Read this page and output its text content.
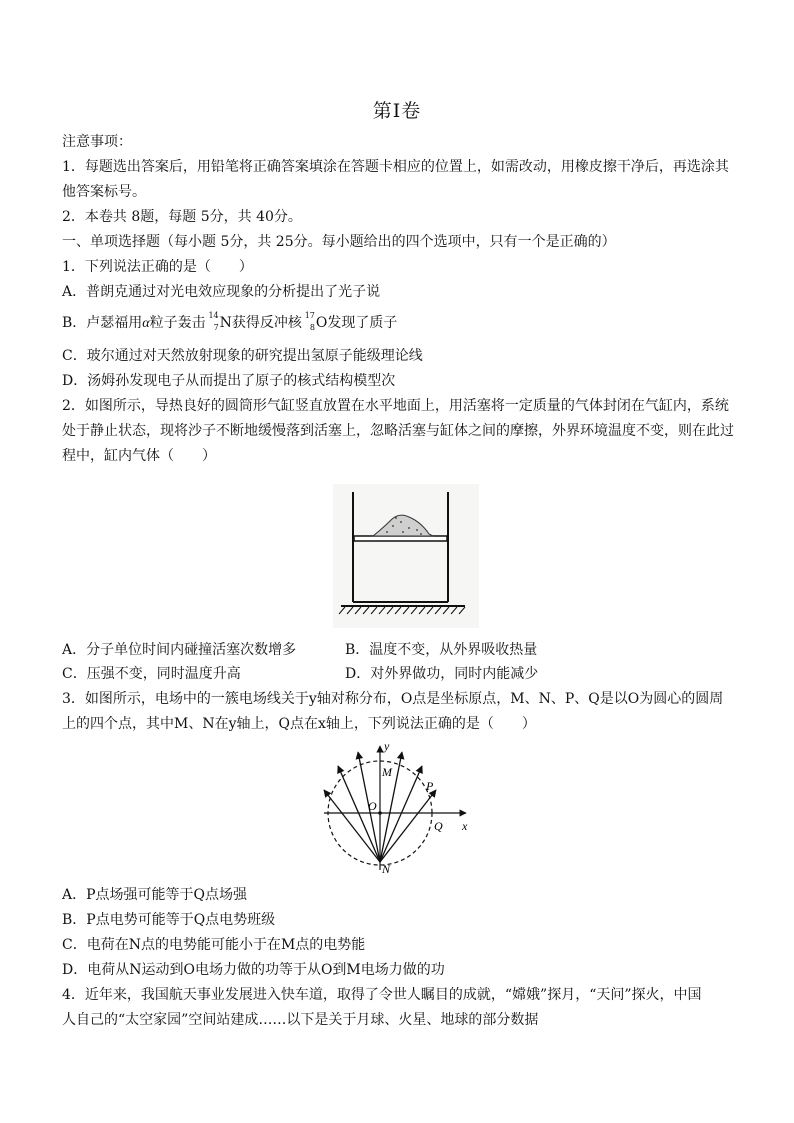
第Ⅰ卷
注意事项：
1．每题选出答案后，用铅笔将正确答案填涂在答题卡相应的位置上，如需改动，用橡皮擦干净后，再选涂其
他答案标号。
2．本卷共 8题，每题 5分，共 40分。
一、单项选择题（每小题 5分，共 25分。每小题给出的四个选项中，只有一个是正确的）
1．下列说法正确的是（　　）
A．普朗克通过对光电效应现象的分析提出了光子说
B．卢瑟福用α粒子轰击 14
7 N获得反冲核 17
8 O发现了质子
C．玻尔通过对天然放射现象的研究提出氢原子能级理论线
D．汤姆孙发现电子从而提出了原子的核式结构模型次
2．如图所示，导热良好的圆筒形气缸竖直放置在水平地面上，用活塞将一定质量的气体封闭在气缸内，系统
处于静止状态，现将沙子不断地缓慢落到活塞上，忽略活塞与缸体之间的摩擦，外界环境温度不变，则在此过
程中，缸内气体（　　）
A．分子单位时间内碰撞活塞次数增多	B．温度不变，从外界吸收热量
C．压强不变，同时温度升高	D．对外界做功，同时内能减少
3．如图所示，电场中的一簇电场线关于y轴对称分布，O点是坐标原点，M、N、P、Q是以O为圆心的圆周
上的四个点，其中M、N在y轴上，Q点在x轴上，下列说法正确的是（　　）
y
x
O
M
N
P
Q
A．P点场强可能等于Q点场强
B．P点电势可能等于Q点电势班级
C．电荷在N点的电势能可能小于在M点的电势能
D．电荷从N运动到O电场力做的功等于从O到M电场力做的功
4．近年来，我国航天事业发展进入快车道，取得了令世人瞩目的成就，“嫦娥”探月，“天问”探火，中国
人自己的“太空家园”空间站建成……以下是关于月球、火星、地球的部分数据
